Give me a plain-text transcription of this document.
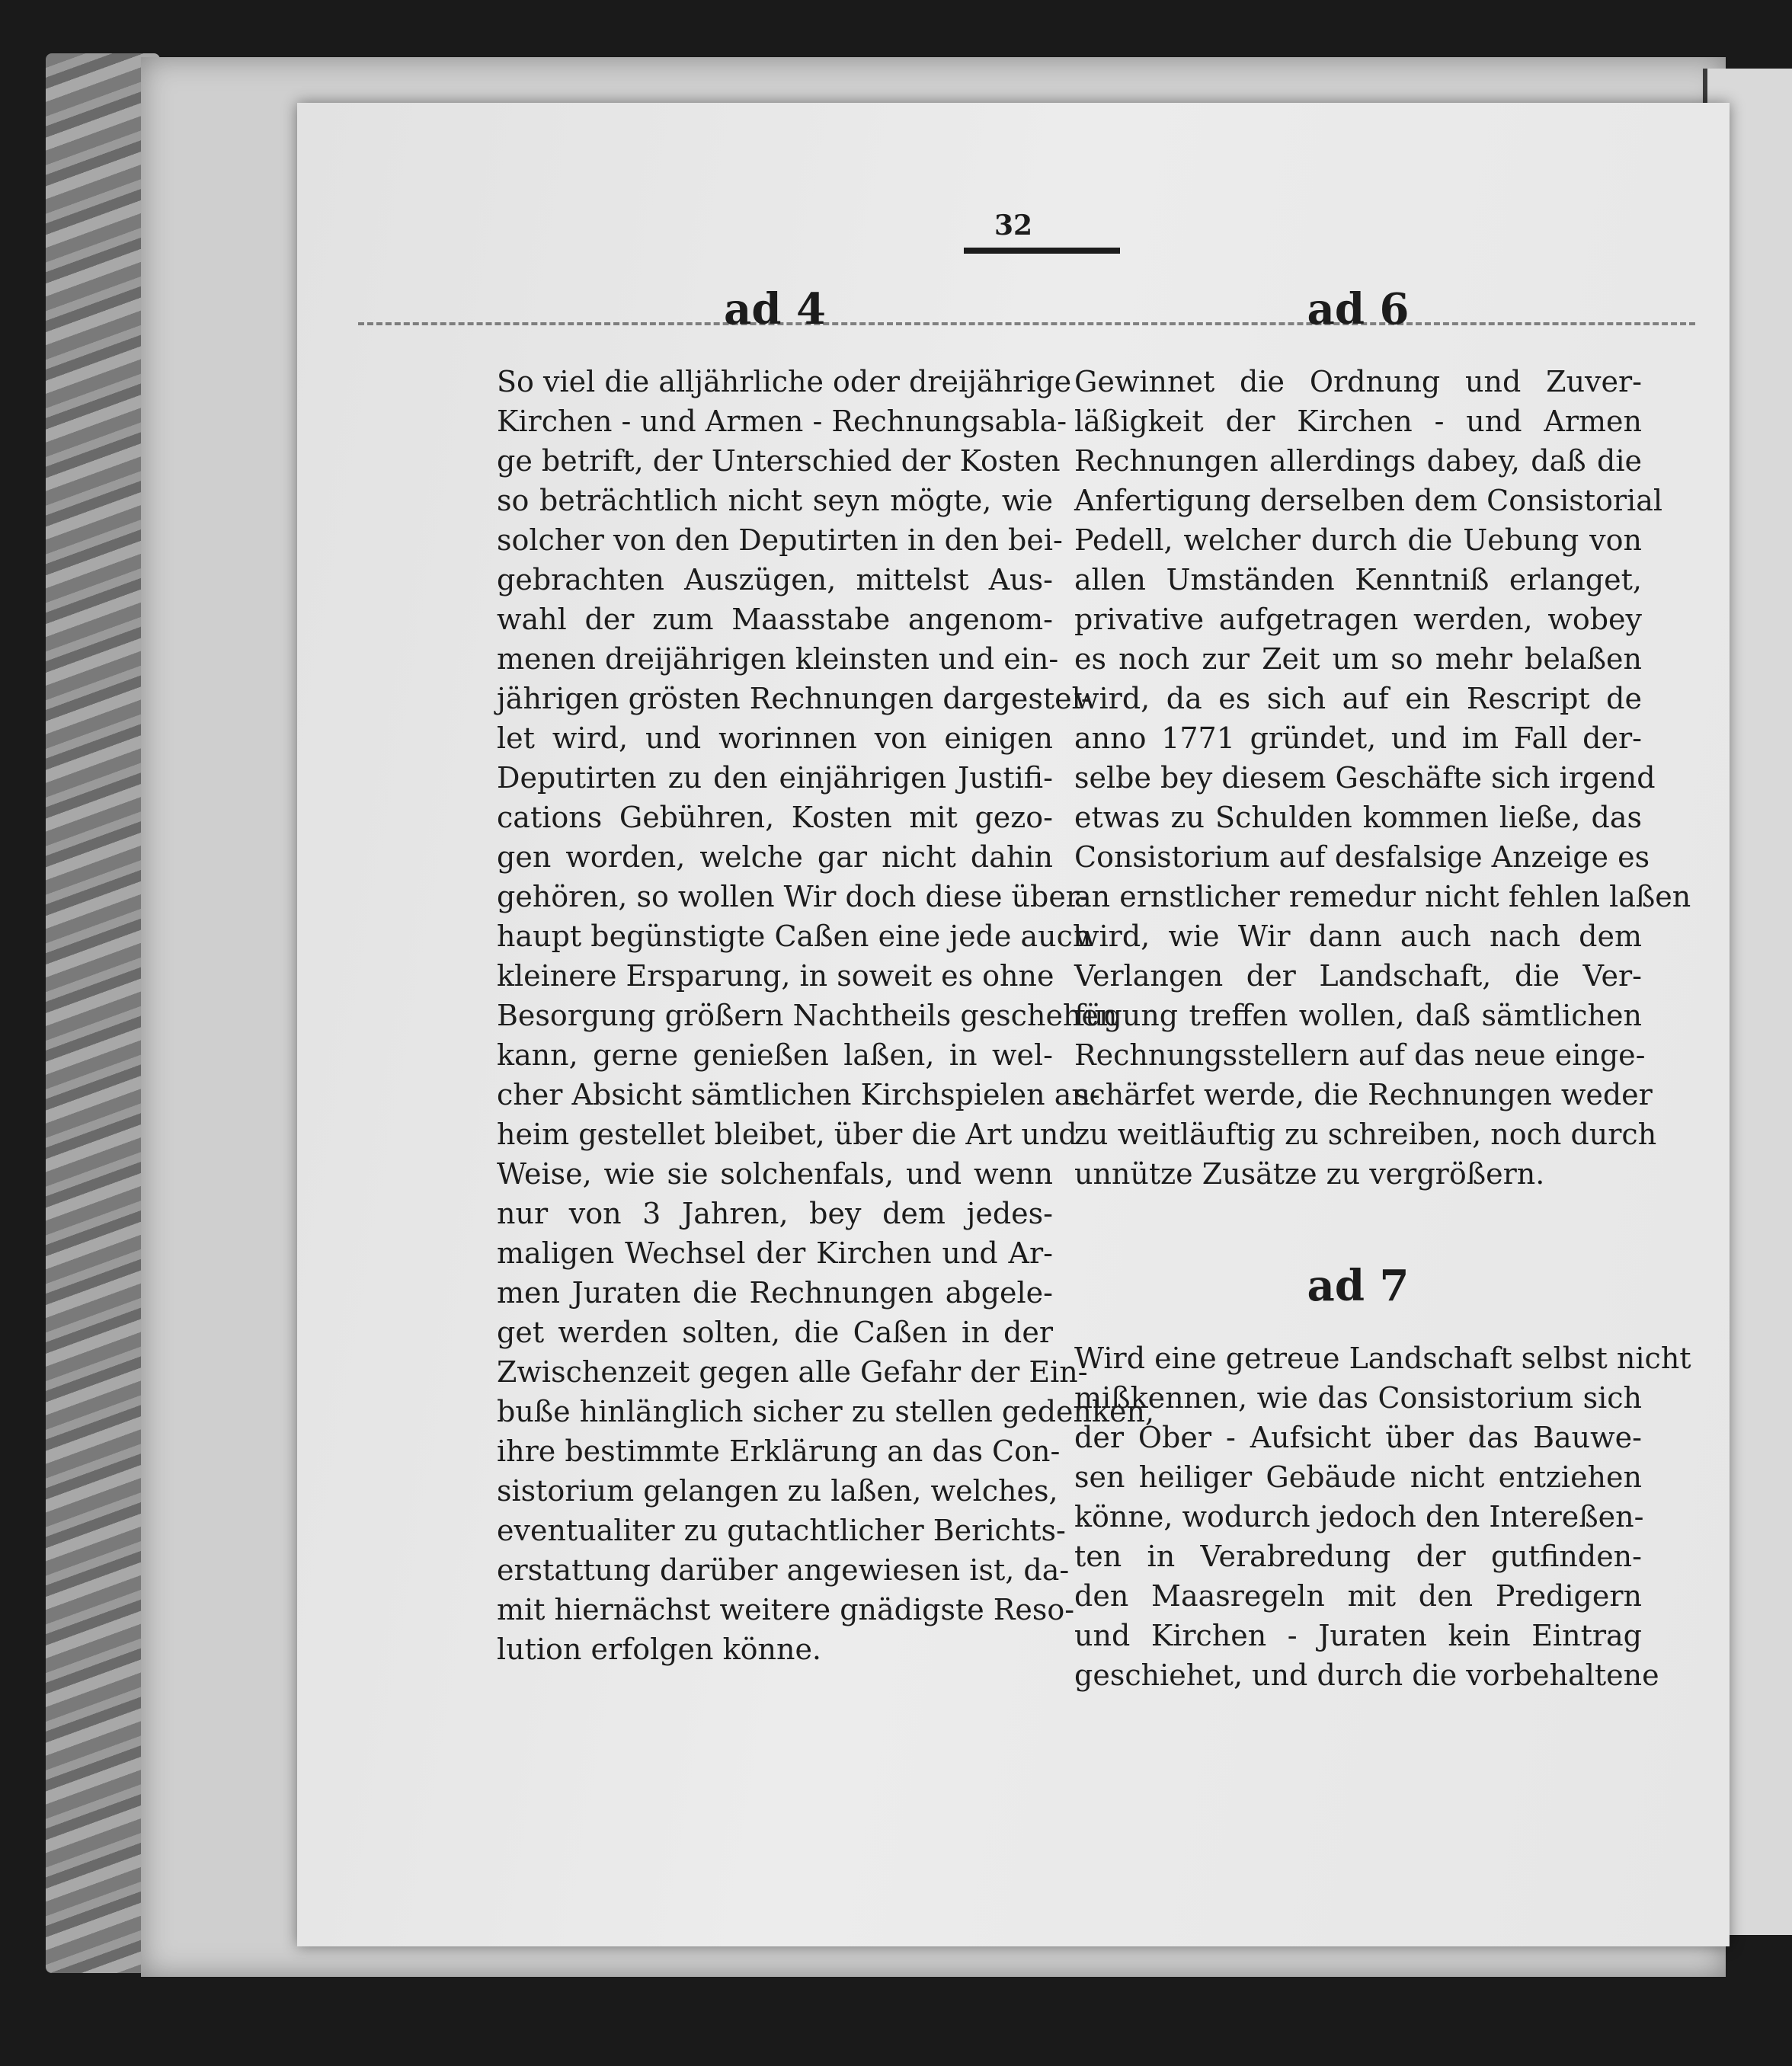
32
ad 4
So viel die alljährliche oder dreijährige
Kirchen - und Armen - Rechnungsabla-
ge betrift, der Unterschied der Kosten
so beträchtlich nicht seyn mögte, wie
solcher von den Deputirten in den bei-
gebrachten Auszügen, mittelst Aus-
wahl der zum Maasstabe angenom-
menen dreijährigen kleinsten und ein-
jährigen grösten Rechnungen dargestel-
let wird, und worinnen von einigen
Deputirten zu den einjährigen Justifi-
cations Gebühren, Kosten mit gezo-
gen worden, welche gar nicht dahin
gehören, so wollen Wir doch diese über-
haupt begünstigte Caßen eine jede auch
kleinere Ersparung, in soweit es ohne
Besorgung größern Nachtheils geschehen
kann, gerne genießen laßen, in wel-
cher Absicht sämtlichen Kirchspielen an-
heim gestellet bleibet, über die Art und
Weise, wie sie solchenfals, und wenn
nur von 3 Jahren, bey dem jedes-
maligen Wechsel der Kirchen und Ar-
men Juraten die Rechnungen abgele-
get werden solten, die Caßen in der
Zwischenzeit gegen alle Gefahr der Ein-
buße hinlänglich sicher zu stellen gedenken,
ihre bestimmte Erklärung an das Con-
sistorium gelangen zu laßen, welches,
eventualiter zu gutachtlicher Berichts-
erstattung darüber angewiesen ist, da-
mit hiernächst weitere gnädigste Reso-
lution erfolgen könne.
ad 6
Gewinnet die Ordnung und Zuver-
läßigkeit der Kirchen - und Armen
Rechnungen allerdings dabey, daß die
Anfertigung derselben dem Consistorial
Pedell, welcher durch die Uebung von
allen Umständen Kenntniß erlanget,
privative aufgetragen werden, wobey
es noch zur Zeit um so mehr belaßen
wird, da es sich auf ein Rescript de
anno 1771 gründet, und im Fall der-
selbe bey diesem Geschäfte sich irgend
etwas zu Schulden kommen ließe, das
Consistorium auf desfalsige Anzeige es
an ernstlicher remedur nicht fehlen laßen
wird, wie Wir dann auch nach dem
Verlangen der Landschaft, die Ver-
fügung treffen wollen, daß sämtlichen
Rechnungsstellern auf das neue einge-
schärfet werde, die Rechnungen weder
zu weitläuftig zu schreiben, noch durch
unnütze Zusätze zu vergrößern.
ad 7
Wird eine getreue Landschaft selbst nicht
mißkennen, wie das Consistorium sich
der Ober - Aufsicht über das Bauwe-
sen heiliger Gebäude nicht entziehen
könne, wodurch jedoch den Intereßen-
ten in Verabredung der gutfinden-
den Maasregeln mit den Predigern
und Kirchen - Juraten kein Eintrag
geschiehet, und durch die vorbehaltene
